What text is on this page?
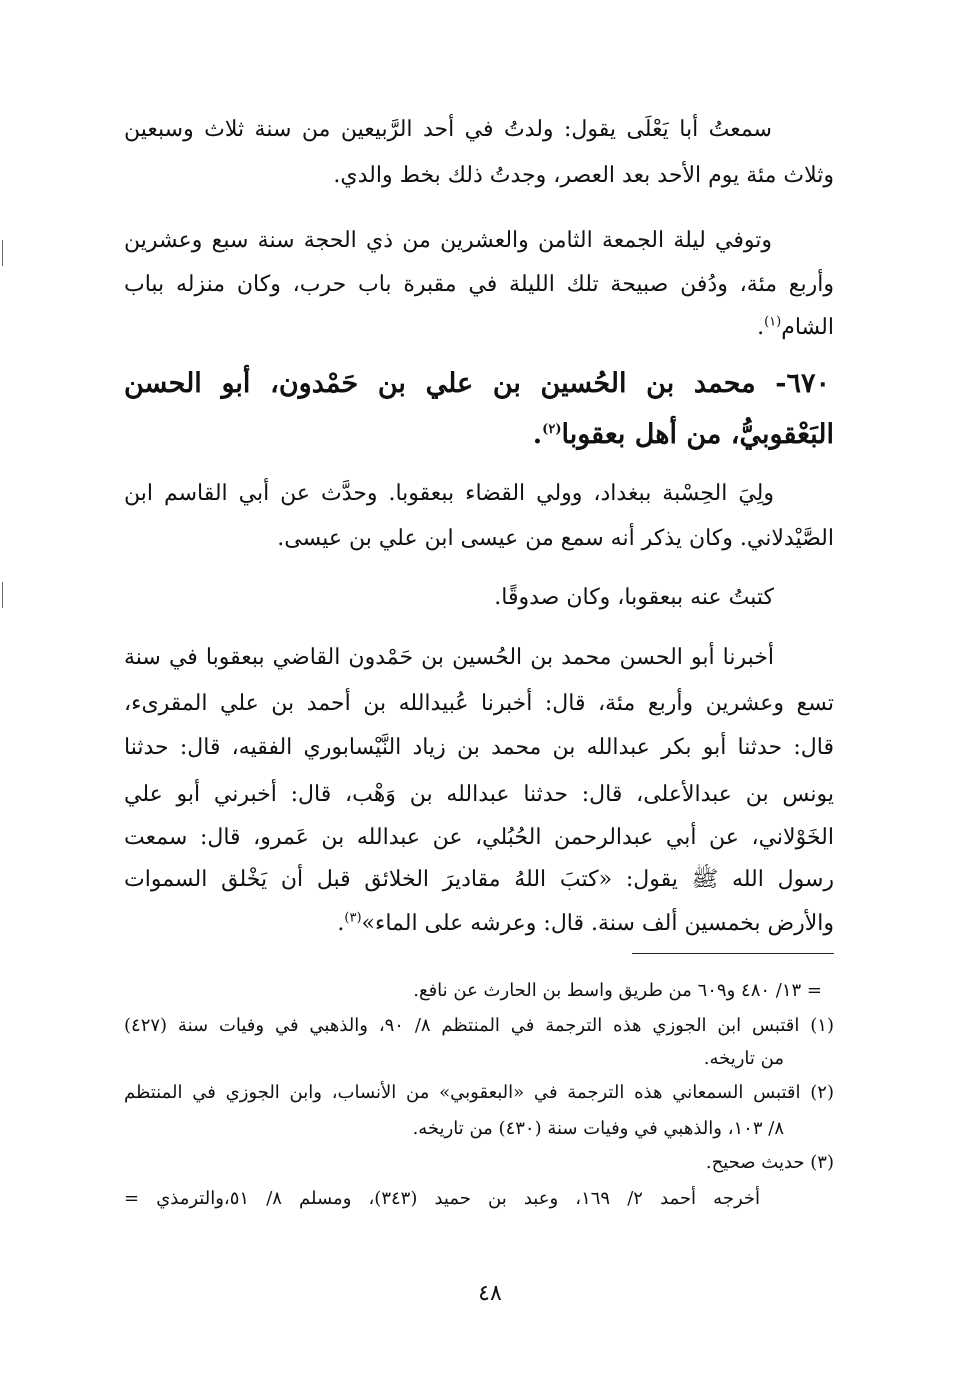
سمعتُ أبا يَعْلَى يقول: ولدتُ في أحد الرَّبيعين من سنة ثلاث وسبعين
وثلاث مئة يوم الأحد بعد العصر، وجدتُ ذلك بخط والدي.
وتوفي ليلة الجمعة الثامن والعشرين من ذي الحجة سنة سبع وعشرين
وأربع مئة، ودُفن صبيحة تلك الليلة في مقبرة باب حرب، وكان منزله بباب
الشام$^{(١)}$.
٦٧٠- محمد بن الحُسين بن علي بن حَمْدون، أبو الحسن
البَعْقوبيُّ، من أهل بعقوبا$^{(٢)}$.
ولِيَ الحِسْبة ببغداد، وولي القضاء ببعقوبا. وحدَّث عن أبي القاسم ابن
الصَّيْدلاني. وكان يذكر أنه سمع من عيسى ابن علي بن عيسى.
كتبتُ عنه ببعقوبا، وكان صدوقًا.
أخبرنا أبو الحسن محمد بن الحُسين بن حَمْدون القاضي ببعقوبا في سنة
تسع وعشرين وأربع مئة، قال: أخبرنا عُبيدالله بن أحمد بن علي المقرىء،
قال: حدثنا أبو بكر عبدالله بن محمد بن زياد النَّيْسابوري الفقيه، قال: حدثنا
يونس بن عبدالأعلى، قال: حدثنا عبدالله بن وَهْب، قال: أخبرني أبو علي
الخَوْلاني، عن أبي عبدالرحمن الحُبُلي، عن عبدالله بن عَمرو، قال: سمعت
رسول الله ﷺ يقول: «كتبَ اللهُ مقاديرَ الخلائق قبل أن يَخْلق السموات
والأرض بخمسين ألف سنة. قال: وعرشه على الماء»$^{(٣)}$.
= ١٣/ ٤٨٠ و٦٠٩ من طريق واسط بن الحارث عن نافع.
(١) اقتبس ابن الجوزي هذه الترجمة في المنتظم ٨/ ٩٠، والذهبي في وفيات سنة (٤٢٧)
من تاريخه.
(٢) اقتبس السمعاني هذه الترجمة في «البعقوبي» من الأنساب، وابن الجوزي في المنتظم
٨/ ١٠٣، والذهبي في وفيات سنة (٤٣٠) من تاريخه.
(٣) حديث صحيح.
أخرجه أحمد ٢/ ١٦٩، وعبد بن حميد (٣٤٣)، ومسلم ٨/ ٥١،والترمذي =
٤٨
